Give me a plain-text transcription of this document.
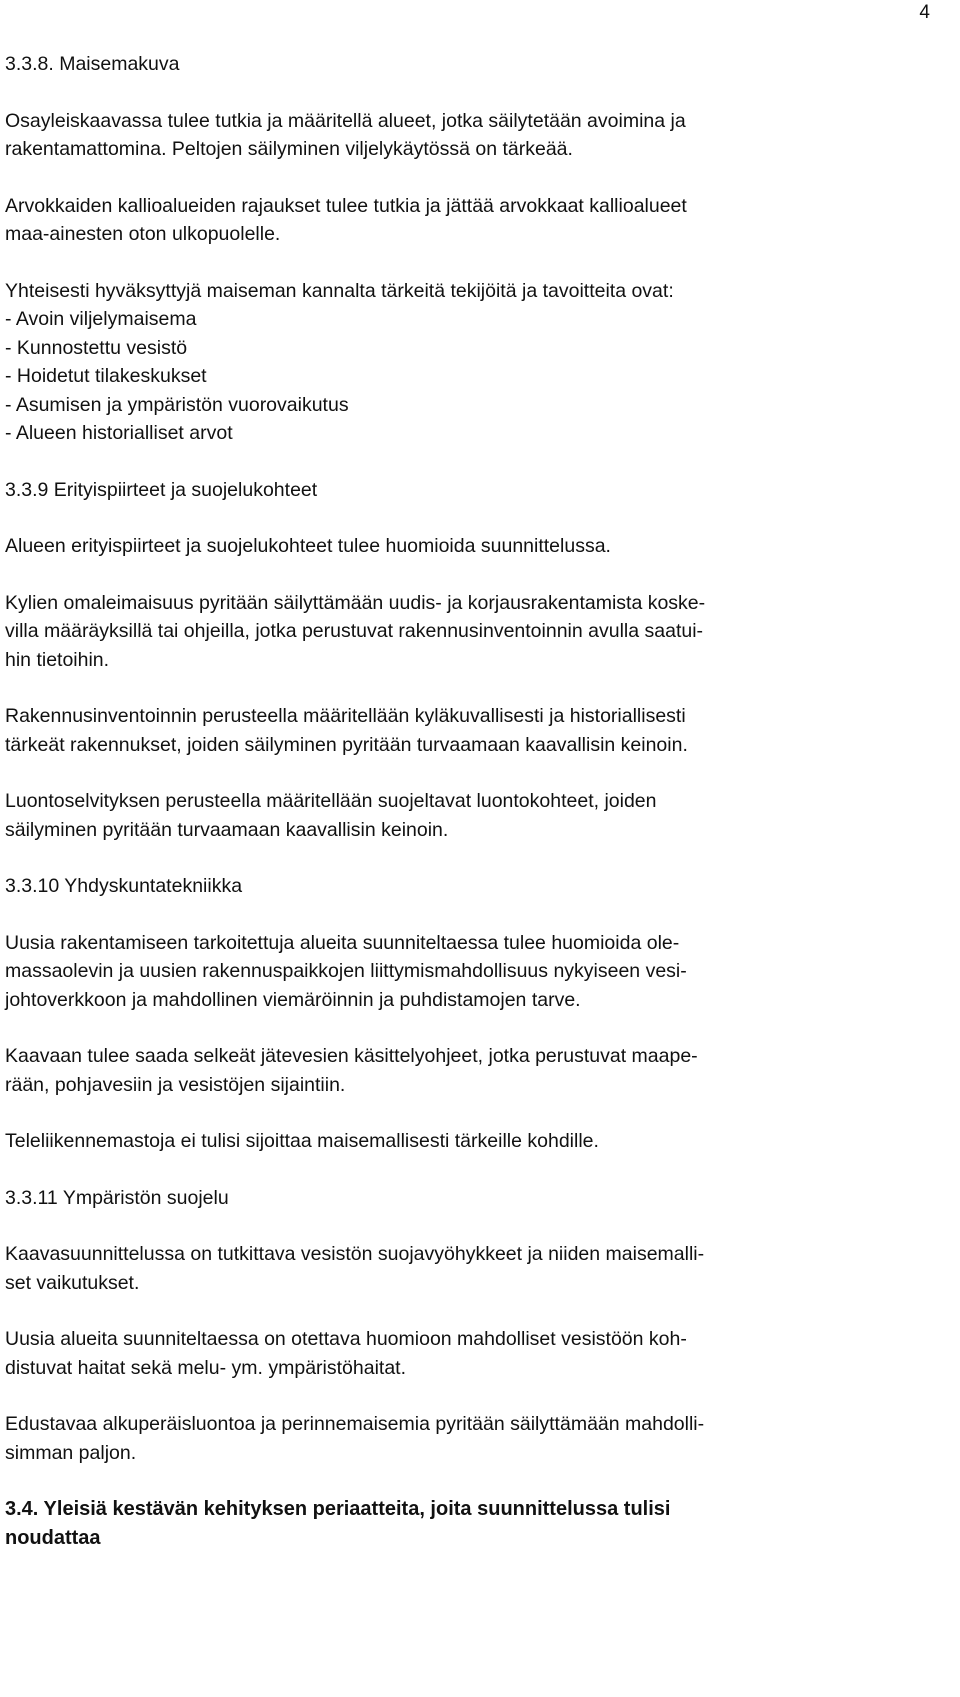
4
3.3.8. Maisemakuva
Osayleiskaavassa tulee tutkia ja määritellä alueet, jotka säilytetään avoimina ja
rakentamattomina. Peltojen säilyminen viljelykäytössä on tärkeää.
Arvokkaiden kallioalueiden rajaukset tulee tutkia ja jättää arvokkaat kallioalueet
maa-ainesten oton ulkopuolelle.
Yhteisesti hyväksyttyjä maiseman kannalta tärkeitä tekijöitä ja tavoitteita ovat:
- Avoin viljelymaisema
- Kunnostettu vesistö
- Hoidetut tilakeskukset
- Asumisen ja ympäristön vuorovaikutus
- Alueen historialliset arvot
3.3.9 Erityispiirteet ja suojelukohteet
Alueen erityispiirteet ja suojelukohteet tulee huomioida suunnittelussa.
Kylien omaleimaisuus pyritään säilyttämään uudis- ja korjausrakentamista koske-
villa määräyksillä tai ohjeilla, jotka perustuvat rakennusinventoinnin avulla saatui-
hin tietoihin.
Rakennusinventoinnin perusteella määritellään kyläkuvallisesti ja historiallisesti
tärkeät rakennukset, joiden säilyminen pyritään turvaamaan kaavallisin keinoin.
Luontoselvityksen perusteella määritellään suojeltavat luontokohteet, joiden
säilyminen pyritään turvaamaan kaavallisin keinoin.
3.3.10 Yhdyskuntatekniikka
Uusia rakentamiseen tarkoitettuja alueita suunniteltaessa tulee huomioida ole-
massaolevin ja uusien rakennuspaikkojen liittymismahdollisuus nykyiseen vesi-
johtoverkkoon ja mahdollinen viemäröinnin ja puhdistamojen tarve.
Kaavaan tulee saada selkeät jätevesien käsittelyohjeet, jotka perustuvat maape-
rään, pohjavesiin ja vesistöjen sijaintiin.
Teleliikennemastoja ei tulisi sijoittaa maisemallisesti tärkeille kohdille.
3.3.11 Ympäristön suojelu
Kaavasuunnittelussa on tutkittava vesistön suojavyöhykkeet ja niiden maisemalli-
set vaikutukset.
Uusia alueita suunniteltaessa on otettava huomioon mahdolliset vesistöön koh-
distuvat haitat sekä melu- ym. ympäristöhaitat.
Edustavaa alkuperäisluontoa ja perinnemaisemia pyritään säilyttämään mahdolli-
simman paljon.
3.4. Yleisiä kestävän kehityksen periaatteita, joita suunnittelussa tulisi
noudattaa
